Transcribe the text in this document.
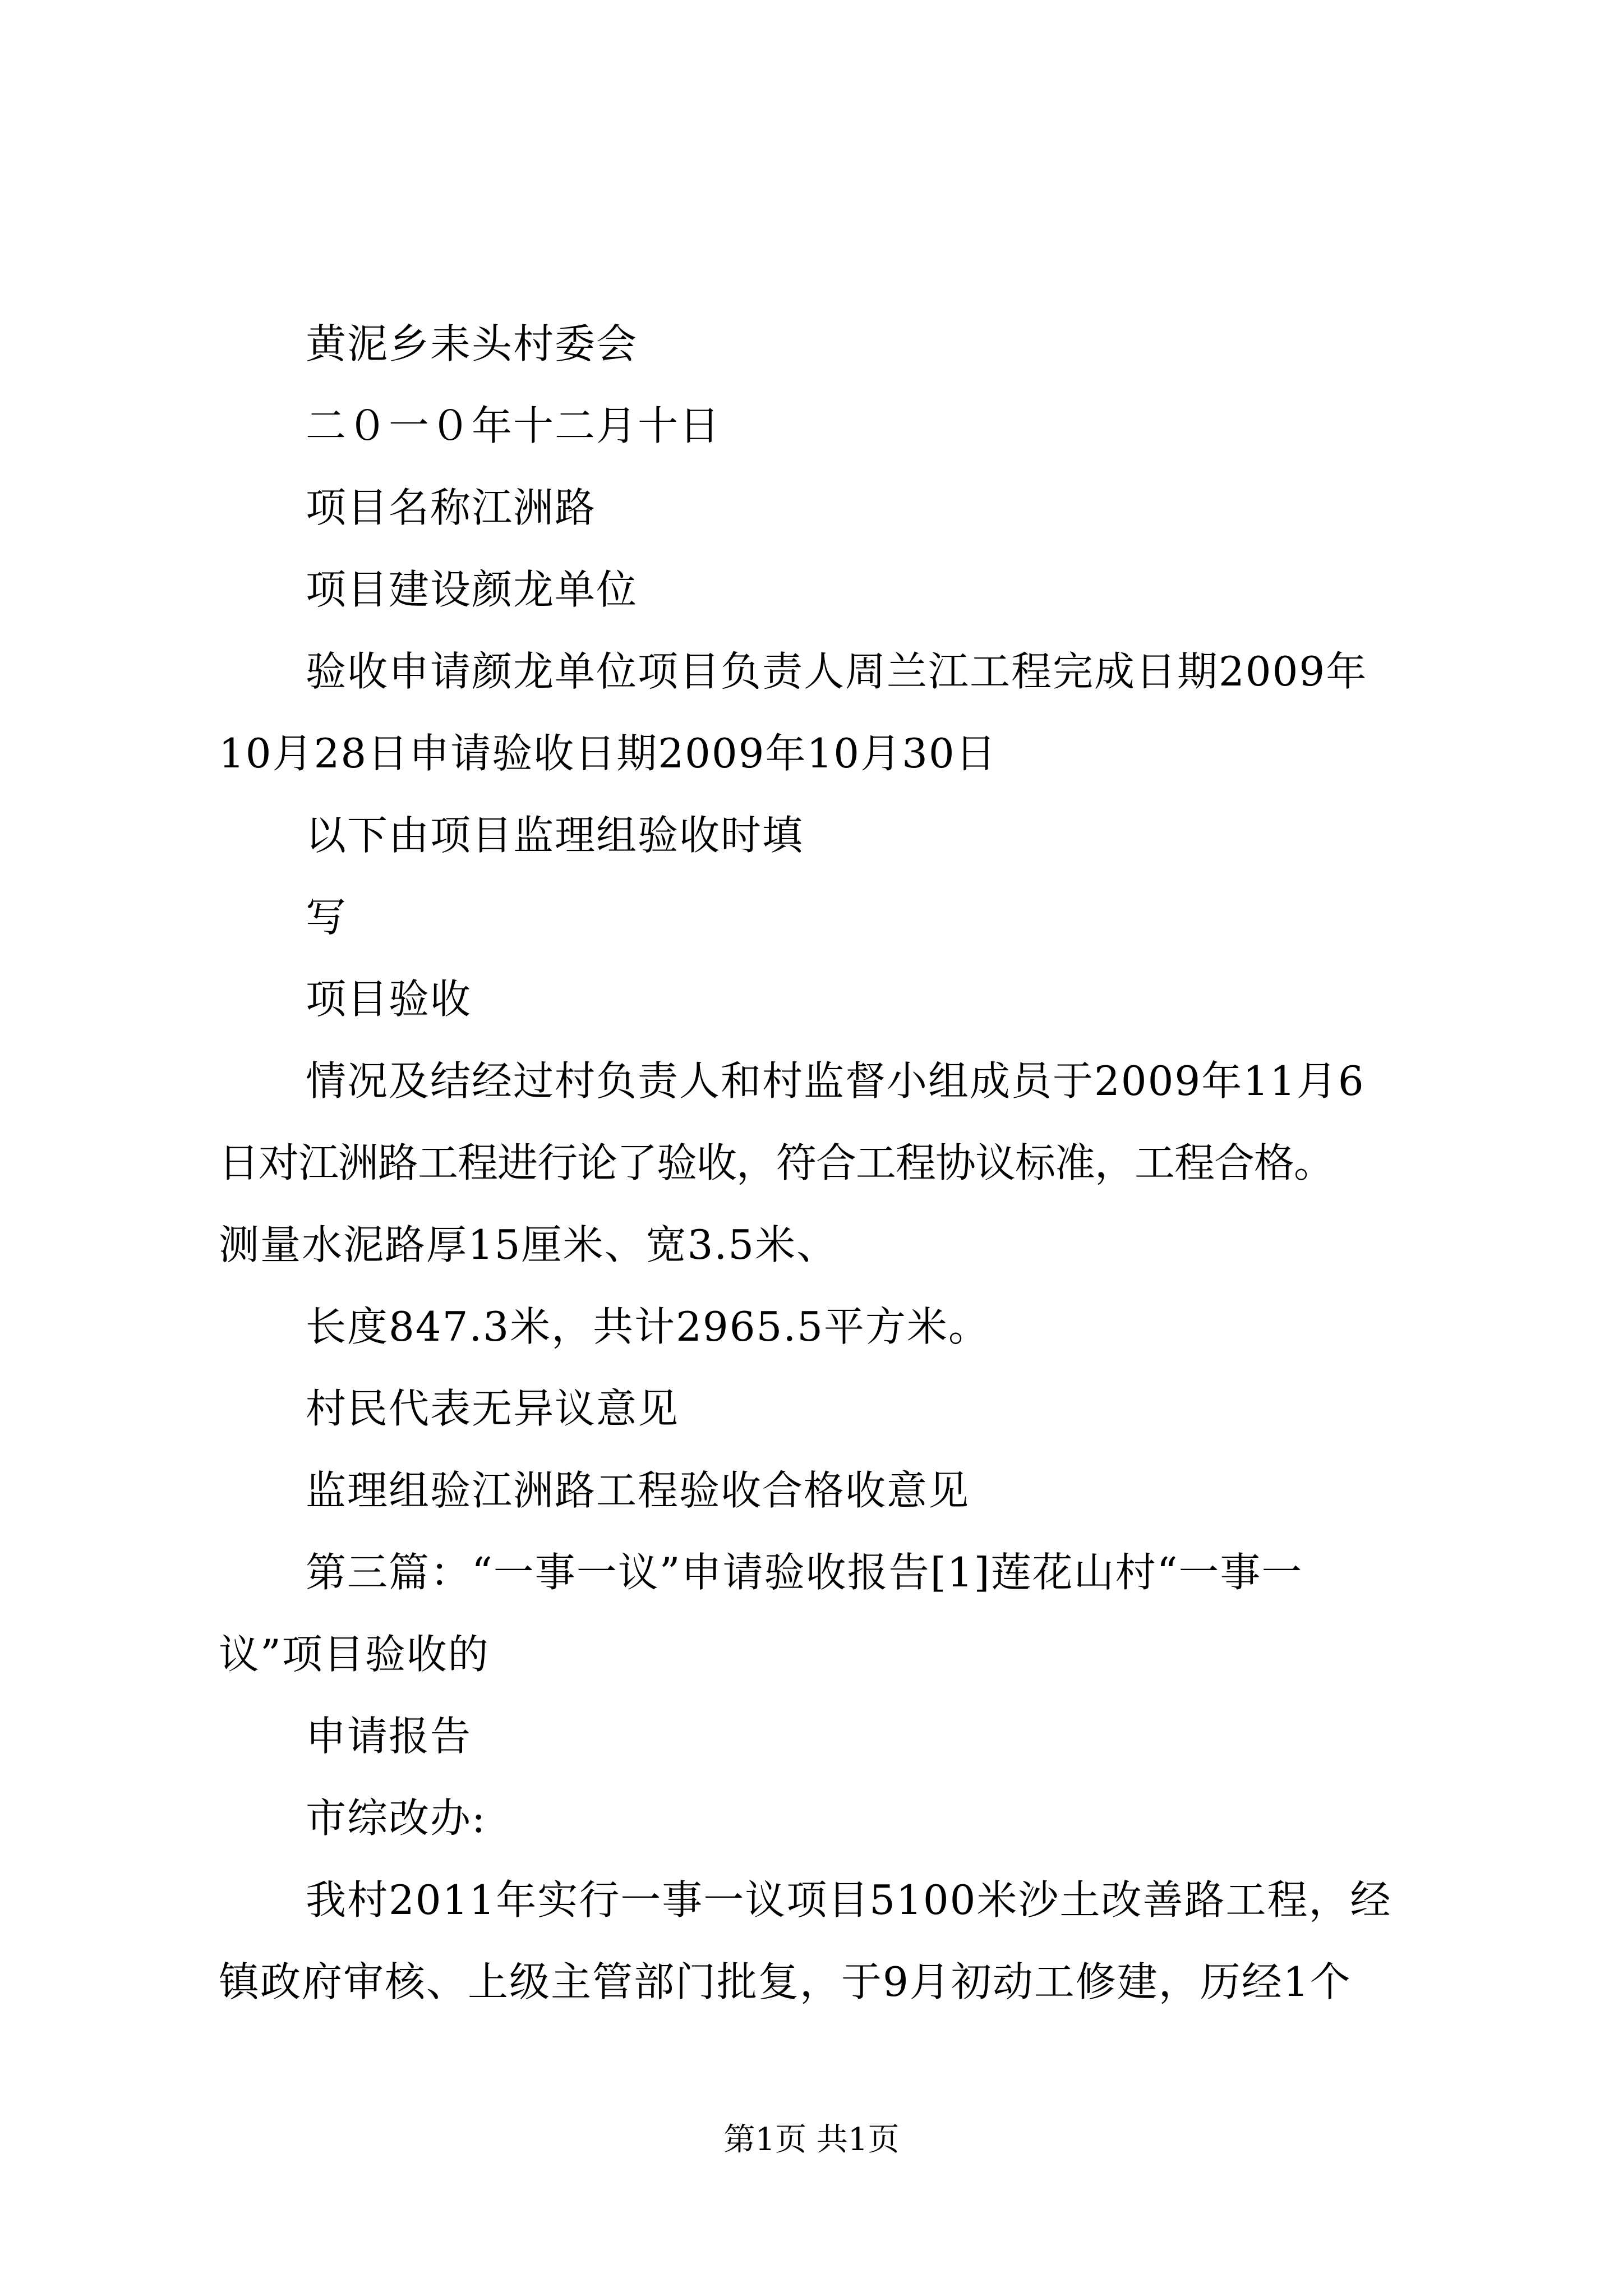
黄泥乡耒头村委会
二０一０年十二月十日
项目名称江洲路
项目建设颜龙单位
验收申请颜龙单位项目负责人周兰江工程完成日期2009年
10月28日申请验收日期2009年10月30日
以下由项目监理组验收时填
写
项目验收
情况及结经过村负责人和村监督小组成员于2009年11月6
日对江洲路工程进行论了验收，符合工程协议标准，工程合格。
测量水泥路厚15厘米、宽3.5米、
长度847.3米，共计2965.5平方米。
村民代表无异议意见
监理组验江洲路工程验收合格收意见
第三篇：“一事一议”申请验收报告[1]莲花山村“一事一
议”项目验收的
申请报告
市综改办:
我村2011年实行一事一议项目5100米沙土改善路工程，经
镇政府审核、上级主管部门批复，于9月初动工修建，历经1个
第1页 共1页
